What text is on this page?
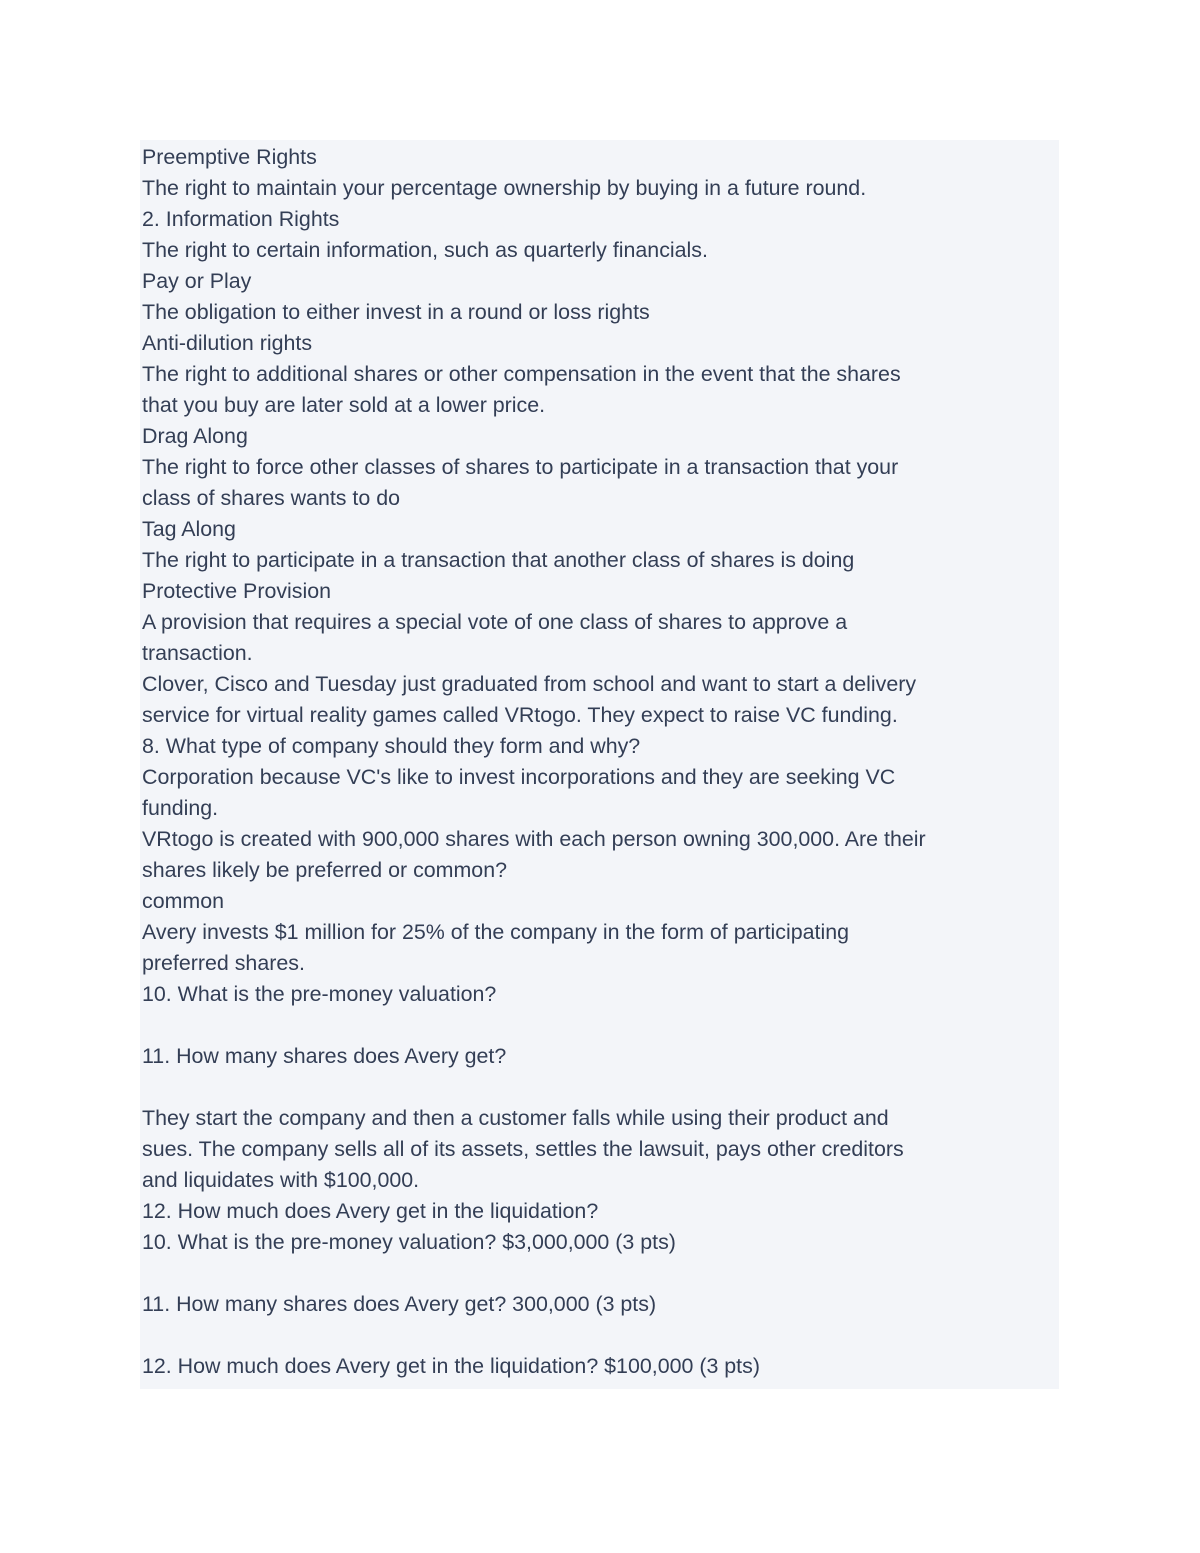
Preemptive Rights
The right to maintain your percentage ownership by buying in a future round.
2. Information Rights
The right to certain information, such as quarterly financials.
Pay or Play
The obligation to either invest in a round or loss rights
Anti-dilution rights
The right to additional shares or other compensation in the event that the shares
that you buy are later sold at a lower price.
Drag Along
The right to force other classes of shares to participate in a transaction that your
class of shares wants to do
Tag Along
The right to participate in a transaction that another class of shares is doing
Protective Provision
A provision that requires a special vote of one class of shares to approve a
transaction.
Clover, Cisco and Tuesday just graduated from school and want to start a delivery
service for virtual reality games called VRtogo. They expect to raise VC funding.
8. What type of company should they form and why?
Corporation because VC's like to invest incorporations and they are seeking VC
funding.
VRtogo is created with 900,000 shares with each person owning 300,000. Are their
shares likely be preferred or common?
common
Avery invests $1 million for 25% of the company in the form of participating
preferred shares.
10. What is the pre-money valuation?
11. How many shares does Avery get?
They start the company and then a customer falls while using their product and
sues. The company sells all of its assets, settles the lawsuit, pays other creditors
and liquidates with $100,000.
12. How much does Avery get in the liquidation?
10. What is the pre-money valuation? $3,000,000 (3 pts)
11. How many shares does Avery get? 300,000 (3 pts)
12. How much does Avery get in the liquidation? $100,000 (3 pts)
